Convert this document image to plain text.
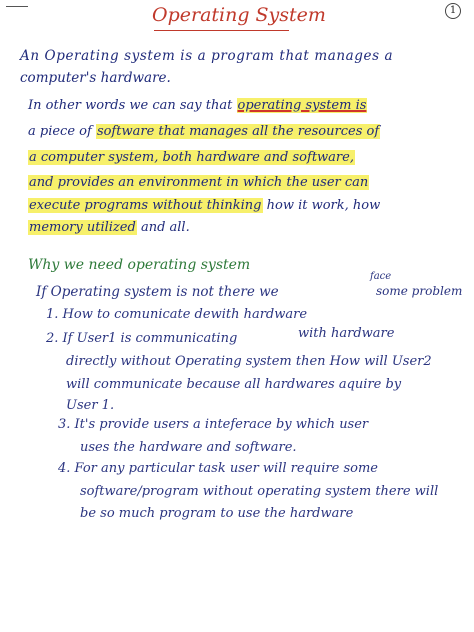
Operating System	1
An Operating system is a program that manages a
computer's hardware.
In other words we can say that operating system is
a piece of software that manages all the resources of
a computer system, both hardware and software,
and provides an environment in which the user can
execute programs without thinking how it work, how
memory utilized and all.
Why we need operating system
If Operating system is not there we
face
some problem
1. How to comunicate dewith hardware
2. If User1 is communicating	with hardware
directly without Operating system then How will User2
will communicate because all hardwares aquire by
User 1.
3. It's provide users a inteferace by which user
uses the hardware and software.
4. For any particular task user will require some
software/program without operating system there will
be so much program to use the hardware
